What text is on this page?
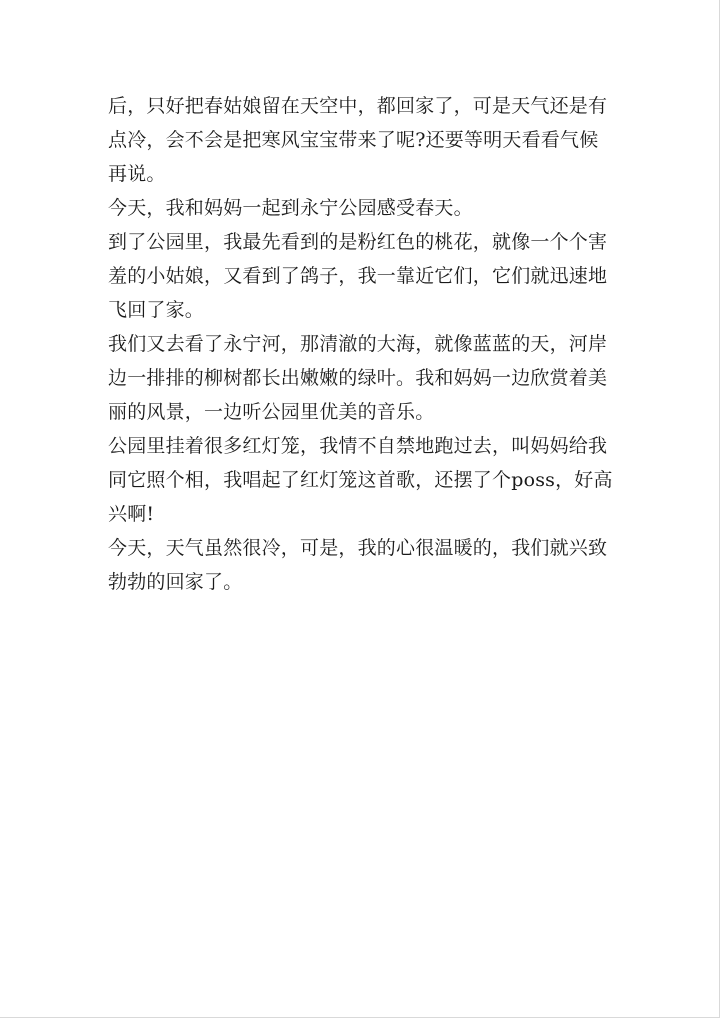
后，只好把春姑娘留在天空中，都回家了，可是天气还是有
点冷，会不会是把寒风宝宝带来了呢?还要等明天看看气候
再说。
今天，我和妈妈一起到永宁公园感受春天。
到了公园里，我最先看到的是粉红色的桃花，就像一个个害
羞的小姑娘，又看到了鸽子，我一靠近它们，它们就迅速地
飞回了家。
我们又去看了永宁河，那清澈的大海，就像蓝蓝的天，河岸
边一排排的柳树都长出嫩嫩的绿叶。我和妈妈一边欣赏着美
丽的风景，一边听公园里优美的音乐。
公园里挂着很多红灯笼，我情不自禁地跑过去，叫妈妈给我
同它照个相，我唱起了红灯笼这首歌，还摆了个poss，好高
兴啊!
今天，天气虽然很冷，可是，我的心很温暖的，我们就兴致
勃勃的回家了。
